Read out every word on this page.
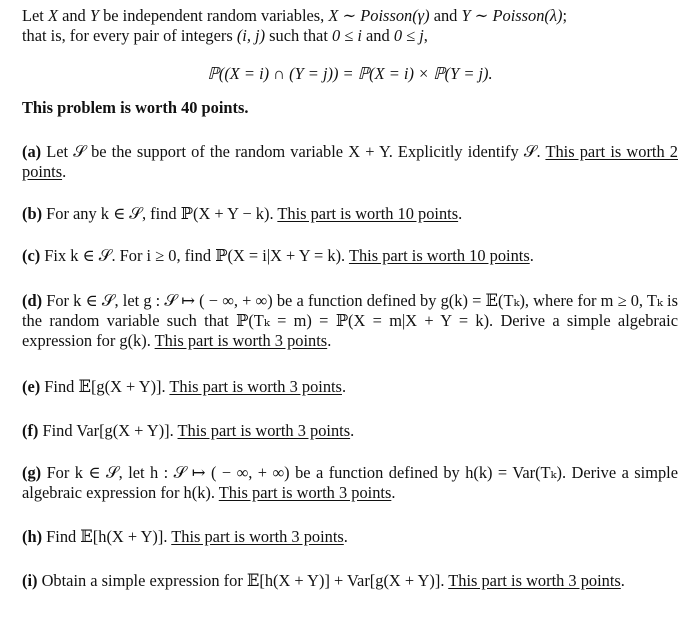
Let X and Y be independent random variables, X ∼ Poisson(γ) and Y ∼ Poisson(λ);
that is, for every pair of integers (i, j) such that 0 ≤ i and 0 ≤ j,

ℙ((X = i) ∩ (Y = j)) = ℙ(X = i) × ℙ(Y = j).

This problem is worth 40 points.

(a) Let 𝒮 be the support of the random variable X + Y. Explicitly identify 𝒮. This part is worth 2 points.

(b) For any k ∈ 𝒮, find ℙ(X + Y − k). This part is worth 10 points.

(c) Fix k ∈ 𝒮. For i ≥ 0, find ℙ(X = i|X + Y = k). This part is worth 10 points.

(d) For k ∈ 𝒮, let g : 𝒮 ↦ ( − ∞, + ∞) be a function defined by g(k) = 𝔼(Tₖ), where for m ≥ 0, Tₖ is the random variable such that ℙ(Tₖ = m) = ℙ(X = m|X + Y = k). Derive a simple algebraic expression for g(k). This part is worth 3 points.

(e) Find 𝔼[g(X + Y)]. This part is worth 3 points.

(f) Find Var[g(X + Y)]. This part is worth 3 points.

(g) For k ∈ 𝒮, let h : 𝒮 ↦ ( − ∞, + ∞) be a function defined by h(k) = Var(Tₖ). Derive a simple algebraic expression for h(k). This part is worth 3 points.

(h) Find 𝔼[h(X + Y)]. This part is worth 3 points.

(i) Obtain a simple expression for 𝔼[h(X + Y)] + Var[g(X + Y)]. This part is worth 3 points.
